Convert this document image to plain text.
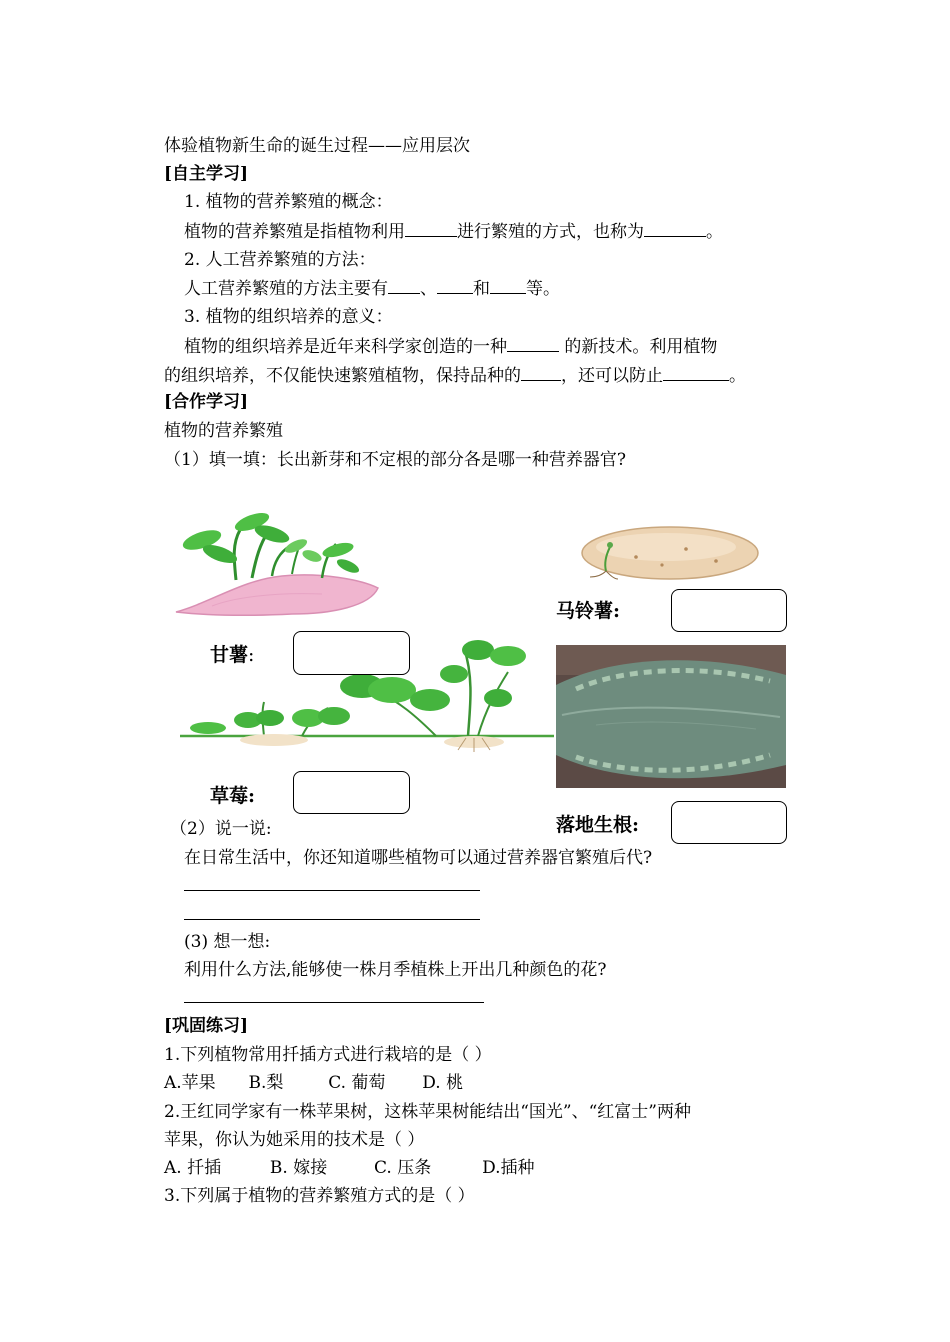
体验植物新生命的诞生过程——应用层次
[自主学习]
1. 植物的营养繁殖的概念：
植物的营养繁殖是指植物利用	进行繁殖的方式，也称为	。
2. 人工营养繁殖的方法：
人工营养繁殖的方法主要有 、 和 等。
3. 植物的组织培养的意义：
植物的组织培养是近年来科学家创造的一种	的新技术。利用植物
的组织培养，不仅能快速繁殖植物，保持品种的 ，还可以防止	。
[合作学习]
植物的营养繁殖
（1）填一填：长出新芽和不定根的部分各是哪一种营养器官?
甘薯:
马铃薯:
草莓:
落地生根:
（2）说一说:
在日常生活中，你还知道哪些植物可以通过营养器官繁殖后代?
(3) 想一想:
利用什么方法,能够使一株月季植株上开出几种颜色的花?
[巩固练习]
1.下列植物常用扦插方式进行栽培的是（ ）
A.苹果 B.梨	C. 葡萄 D. 桃
2.王红同学家有一株苹果树，这株苹果树能结出“国光”、“红富士”两种
苹果，你认为她采用的技术是（ ）
A. 扦插	B. 嫁接	C. 压条	D.插种
3.下列属于植物的营养繁殖方式的是（ ）
